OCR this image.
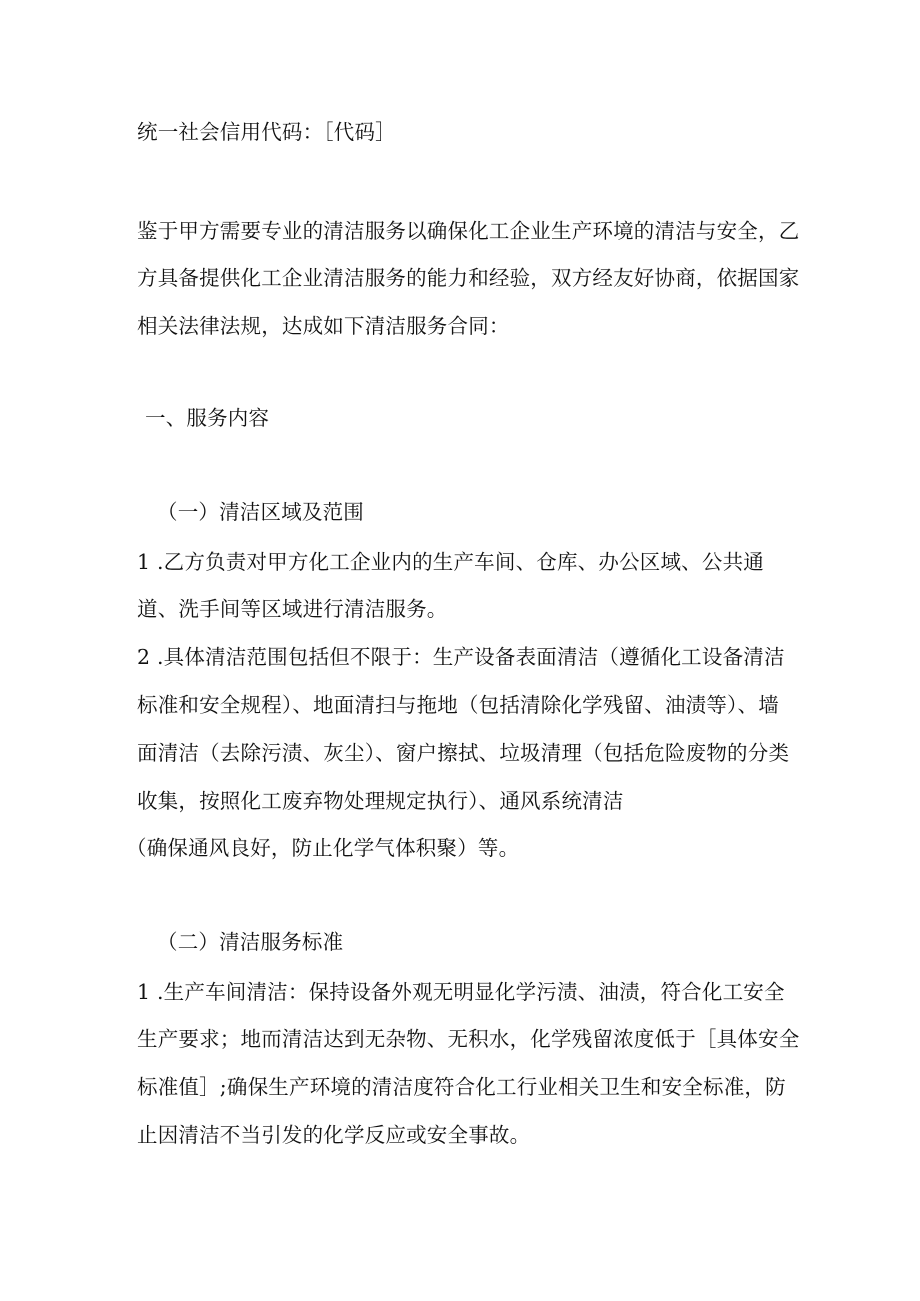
统一社会信用代码：［代码］
鉴于甲方需要专业的清洁服务以确保化工企业生产环境的清洁与安全，乙
方具备提供化工企业清洁服务的能力和经验，双方经友好协商，依据国家
相关法律法规，达成如下清洁服务合同：
一、服务内容
（一）清洁区域及范围
1 .乙方负责对甲方化工企业内的生产车间、仓库、办公区域、公共通
道、洗手间等区域进行清洁服务。
2 .具体清洁范围包括但不限于：生产设备表面清洁（遵循化工设备清洁
标准和安全规程）、地面清扫与拖地（包括清除化学残留、油渍等）、墙
面清洁（去除污渍、灰尘）、窗户擦拭、垃圾清理（包括危险废物的分类
收集，按照化工废弃物处理规定执行）、通风系统清洁
（确保通风良好，防止化学气体积聚）等。
（二）清洁服务标准
1 .生产车间清洁：保持设备外观无明显化学污渍、油渍，符合化工安全
生产要求；地而清洁达到无杂物、无积水，化学残留浓度低于［具体安全
标准值］;确保生产环境的清洁度符合化工行业相关卫生和安全标准，防
止因清洁不当引发的化学反应或安全事故。
